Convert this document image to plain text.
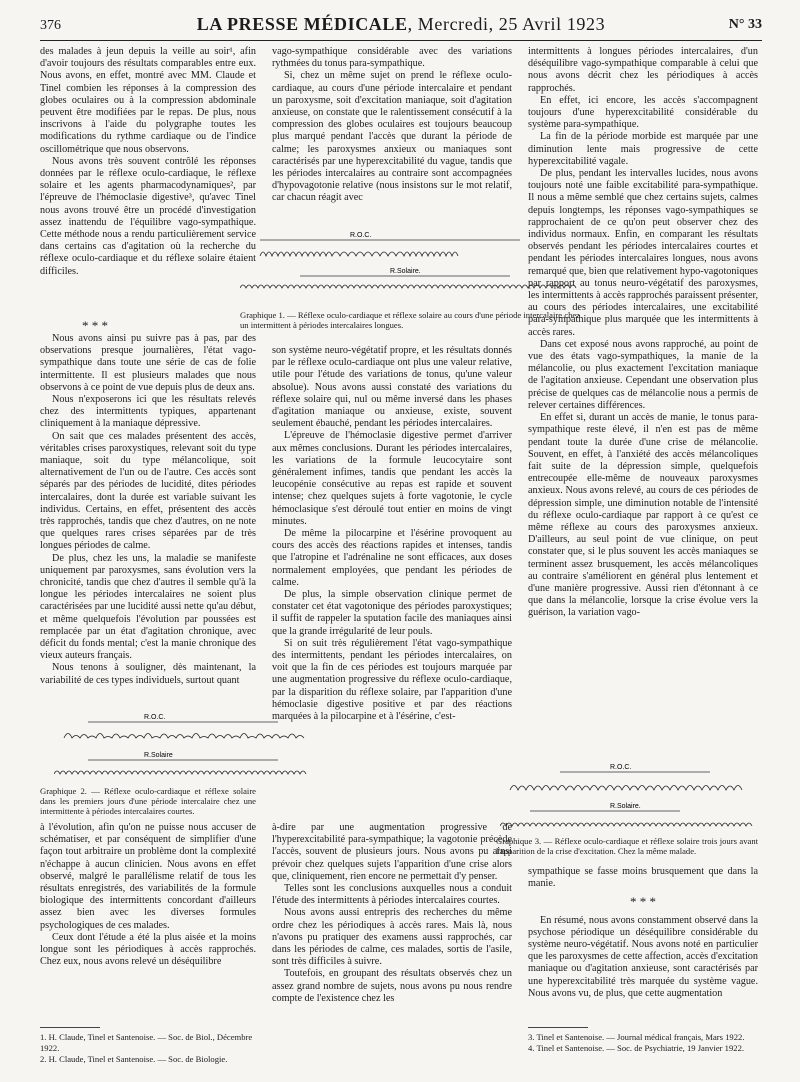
376	LA PRESSE MÉDICALE, Mercredi, 25 Avril 1923	N° 33

des malades à jeun depuis la veille au soir¹, afin d'avoir toujours des résultats comparables entre eux. Nous avons, en effet, montré avec MM. Claude et Tinel combien les réponses à la compression des globes oculaires ou à la compression abdominale peuvent être modifiées par le repas. De plus, nous inscrivons à l'aide du polygraphe toutes les modifications du rythme cardiaque ou de l'indice oscillométrique que nous observons.

Nous avons très souvent contrôlé les réponses données par le réflexe oculo-cardiaque, le réflexe solaire et les agents pharmacodynamiques², par l'épreuve de l'hémoclasie digestive³, qu'avec Tinel nous avons trouvé être un procédé d'investigation assez inattendu de l'équilibre vago-sympathique. Cette méthode nous a rendu particulièrement service dans certains cas d'agitation où la recherche du réflexe oculo-cardiaque et du réflexe solaire étaient difficiles.

* * *

Nous avons ainsi pu suivre pas à pas, par des observations presque journalières, l'état vago-sympathique dans toute une série de cas de folie intermittente. Il est plusieurs malades que nous observons à ce point de vue depuis plus de deux ans.

Nous n'exposerons ici que les résultats relevés chez des intermittents typiques, appartenant cliniquement à la maniaque dépressive.

On sait que ces malades présentent des accès, véritables crises paroxystiques, relevant soit du type maniaque, soit du type mélancolique, soit alternativement de l'un ou de l'autre. Ces accès sont séparés par des périodes de lucidité, dites périodes intercalaires, dont la durée est variable suivant les individus. Certains, en effet, présentent des accès très rapprochés, tandis que chez d'autres, on ne note que quelques rares crises séparées par de très longues périodes de calme.

De plus, chez les uns, la maladie se manifeste uniquement par paroxysmes, sans évolution vers la chronicité, tandis que chez d'autres il semble qu'à la longue les périodes intercalaires ne soient plus caractérisées par une lucidité aussi nette qu'au début, et même quelquefois l'évolution par poussées est remplacée par un état d'agitation chronique, avec déficit du fonds mental; c'est la manie chronique des vieux auteurs français.

Nous tenons à souligner, dès maintenant, la variabilité de ces types individuels, surtout quant

vago-sympathique considérable avec des variations rythmées du tonus para-sympathique.

Si, chez un même sujet on prend le réflexe oculo-cardiaque, au cours d'une période intercalaire et pendant un paroxysme, soit d'excitation maniaque, soit d'agitation anxieuse, on constate que le ralentissement consécutif à la compression des globes oculaires est toujours beaucoup plus marqué pendant l'accès que durant la période de calme; les paroxysmes anxieux ou maniaques sont caractérisés par une hyperexcitabilité du vague, tandis que les périodes intercalaires au contraire sont accompagnées d'hypovagotonie relative (nous insistons sur le mot relatif, car chacun réagit avec

R.O.C.
R.Solaire.
Graphique 1. — Réflexe oculo-cardiaque et réflexe solaire au cours d'une période intercalaire chez un intermittent à périodes intercalaires longues.

son système neuro-végétatif propre, et les résultats donnés par le réflexe oculo-cardiaque ont plus une valeur relative, utile pour l'étude des variations de tonus, qu'une valeur absolue). Nous avons aussi constaté des variations du réflexe solaire qui, nul ou même inversé dans les phases d'agitation maniaque ou anxieuse, existe, souvent seulement ébauché, pendant les périodes intercalaires.

L'épreuve de l'hémoclasie digestive permet d'arriver aux mêmes conclusions. Durant les périodes intercalaires, les variations de la formule leucocytaire sont généralement infimes, tandis que pendant les accès la leucopénie consécutive au repas est rapide et souvent intense; chez quelques sujets à forte vagotonie, le cycle hémoclasique s'est déroulé tout entier en moins de vingt minutes.

De même la pilocarpine et l'ésérine provoquent au cours des accès des réactions rapides et intenses, tandis que l'atropine et l'adrénaline ne sont efficaces, aux doses normalement employées, que pendant les périodes de calme.

De plus, la simple observation clinique permet de constater cet état vagotonique des périodes paroxystiques; il suffit de rappeler la sputation facile des maniaques ainsi que la grande irrégularité de leur pouls.

Si on suit très régulièrement l'état vago-sympathique des intermittents, pendant les périodes intercalaires, on voit que la fin de ces périodes est toujours marquée par une augmentation progressive du réflexe oculo-cardiaque, par la disparition du réflexe solaire, par l'apparition d'une hémoclasie digestive positive et par des réactions marquées à la pilocarpine et à l'ésérine, c'est-

R.O.C.
R.Solaire
Graphique 2. — Réflexe oculo-cardiaque et réflexe solaire dans les premiers jours d'une période intercalaire chez une intermittente à périodes intercalaires courtes.
R.O.C.
R.Solaire.
Graphique 3. — Réflexe oculo-cardiaque et réflexe solaire trois jours avant l'apparition de la crise d'excitation. Chez la même malade.

intermittents à longues périodes intercalaires, d'un déséquilibre vago-sympathique comparable à celui que nous avons décrit chez les périodiques à accès rapprochés.

En effet, ici encore, les accès s'accompagnent toujours d'une hyperexcitabilité considérable du système para-sympathique.

La fin de la période morbide est marquée par une diminution lente mais progressive de cette hyperexcitabilité vagale.

De plus, pendant les intervalles lucides, nous avons toujours noté une faible excitabilité para-sympathique. Il nous a même semblé que chez certains sujets, calmes depuis longtemps, les réponses vago-sympathiques se rapprochaient de ce qu'on peut observer chez des individus normaux. Enfin, en comparant les résultats observés pendant les périodes intercalaires courtes et pendant les périodes intercalaires longues, nous avons remarqué que, bien que relativement hypo-vagotoniques par rapport au tonus neuro-végétatif des paroxysmes, les intermittents à accès rapprochés paraissent présenter, au cours des périodes intercalaires, une excitabilité para-sympathique plus marquée que les intermittents à accès rares.

Dans cet exposé nous avons rapproché, au point de vue des états vago-sympathiques, la manie de la mélancolie, ou plus exactement l'excitation maniaque de l'agitation anxieuse. Cependant une observation plus précise de quelques cas de mélancolie nous a permis de relever certaines différences.

En effet si, durant un accès de manie, le tonus para-sympathique reste élevé, il n'en est pas de même pendant toute la durée d'une crise de mélancolie. Souvent, en effet, à l'anxiété des accès mélancoliques fait suite de la dépression simple, quelquefois entrecoupée elle-même de nouveaux paroxysmes anxieux. Nous avons relevé, au cours de ces périodes de dépression simple, une diminution notable de l'intensité du réflexe oculo-cardiaque par rapport à ce qu'est ce même réflexe au cours des paroxysmes anxieux. D'ailleurs, au seul point de vue clinique, on peut constater que, si le plus souvent les accès maniaques se terminent assez brusquement, les accès mélancoliques au contraire s'améliorent en général plus lentement et d'une manière progressive. Aussi rien d'étonnant à ce que dans la mélancolie, lorsque la crise évolue vers la guérison, la variation vago-

à l'évolution, afin qu'on ne puisse nous accuser de schématiser, et par conséquent de simplifier d'une façon tout arbitraire un problème dont la complexité n'échappe à aucun clinicien. Nous avons en effet observé, malgré le parallélisme relatif de tous les résultats enregistrés, des variabilités de la formule biologique des intermittents concordant d'ailleurs assez bien avec les diverses formules psychologiques de ces malades.

Ceux dont l'étude a été la plus aisée et la moins longue sont les périodiques à accès rapprochés. Chez eux, nous avons relevé un déséquilibre

à-dire par une augmentation progressive de l'hyperexcitabilité para-sympathique; la vagotonie précède l'accès, souvent de plusieurs jours. Nous avons pu ainsi prévoir chez quelques sujets l'apparition d'une crise alors que, cliniquement, rien encore ne permettait d'y penser.

Telles sont les conclusions auxquelles nous a conduit l'étude des intermittents à périodes intercalaires courtes.

Nous avons aussi entrepris des recherches du même ordre chez les périodiques à accès rares. Mais là, nous n'avons pu pratiquer des examens aussi rapprochés, car dans les périodes de calme, ces malades, sortis de l'asile, sont très difficiles à suivre.

Toutefois, en groupant des résultats observés chez un assez grand nombre de sujets, nous avons pu nous rendre compte de l'existence chez les

sympathique se fasse moins brusquement que dans la manie.

* * *

En résumé, nous avons constamment observé dans la psychose périodique un déséquilibre considérable du système neuro-végétatif. Nous avons noté en particulier que les paroxysmes de cette affection, accès d'excitation maniaque ou d'agitation anxieuse, sont caractérisés par une hyperexcitabilité très marquée du système vague. Nous avons vu, de plus, que cette augmentation

1. H. Claude, Tinel et Santenoise. — Soc. de Biol., Décembre 1922.
2. H. Claude, Tinel et Santenoise. — Soc. de Biologie.
3. Tinel et Santenoise. — Journal médical français, Mars 1922.
4. Tinel et Santenoise. — Soc. de Psychiatrie, 19 Janvier 1922.
